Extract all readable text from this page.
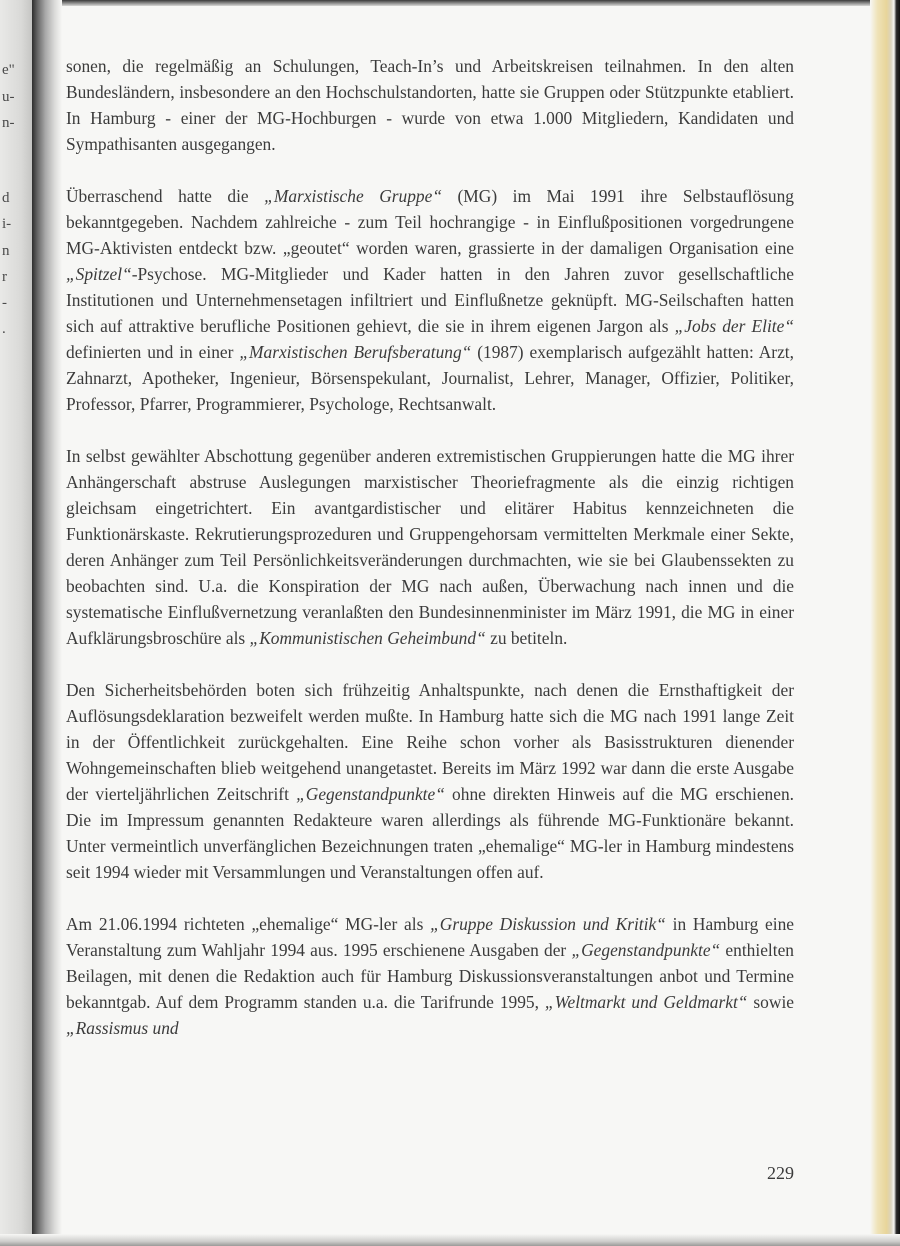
e"
u-
n-
d
i-
n
r
-
.

sonen, die regelmäßig an Schulungen, Teach-In’s und Arbeitskreisen teilnahmen. In den alten Bundesländern, insbesondere an den Hochschulstandorten, hatte sie Gruppen oder Stützpunkte etabliert. In Hamburg - einer der MG-Hochburgen - wurde von etwa 1.000 Mitgliedern, Kandidaten und Sympathisanten ausgegangen.

Überraschend hatte die „Marxistische Gruppe“ (MG) im Mai 1991 ihre Selbstauflösung bekanntgegeben. Nachdem zahlreiche - zum Teil hochrangige - in Einflußpositionen vorgedrungene MG-Aktivisten entdeckt bzw. „geoutet“ worden waren, grassierte in der damaligen Organisation eine „Spitzel“-Psychose. MG-Mitglieder und Kader hatten in den Jahren zuvor gesellschaftliche Institutionen und Unternehmensetagen infiltriert und Einflußnetze geknüpft. MG-Seilschaften hatten sich auf attraktive berufliche Positionen gehievt, die sie in ihrem eigenen Jargon als „Jobs der Elite“ definierten und in einer „Marxistischen Berufsberatung“ (1987) exemplarisch aufgezählt hatten: Arzt, Zahnarzt, Apotheker, Ingenieur, Börsenspekulant, Journalist, Lehrer, Manager, Offizier, Politiker, Professor, Pfarrer, Programmierer, Psychologe, Rechtsanwalt.

In selbst gewählter Abschottung gegenüber anderen extremistischen Gruppierungen hatte die MG ihrer Anhängerschaft abstruse Auslegungen marxistischer Theoriefragmente als die einzig richtigen gleichsam eingetrichtert. Ein avantgardistischer und elitärer Habitus kennzeichneten die Funktionärskaste. Rekrutierungsprozeduren und Gruppengehorsam vermittelten Merkmale einer Sekte, deren Anhänger zum Teil Persönlichkeitsveränderungen durchmachten, wie sie bei Glaubenssekten zu beobachten sind. U.a. die Konspiration der MG nach außen, Überwachung nach innen und die systematische Einflußvernetzung veranlaßten den Bundesinnenminister im März 1991, die MG in einer Aufklärungsbroschüre als „Kommunistischen Geheimbund“ zu betiteln.

Den Sicherheitsbehörden boten sich frühzeitig Anhaltspunkte, nach denen die Ernsthaftigkeit der Auflösungsdeklaration bezweifelt werden mußte. In Hamburg hatte sich die MG nach 1991 lange Zeit in der Öffentlichkeit zurückgehalten. Eine Reihe schon vorher als Basisstrukturen dienender Wohngemeinschaften blieb weitgehend unangetastet. Bereits im März 1992 war dann die erste Ausgabe der vierteljährlichen Zeitschrift „Gegenstandpunkte“ ohne direkten Hinweis auf die MG erschienen. Die im Impressum genannten Redakteure waren allerdings als führende MG-Funktionäre bekannt. Unter vermeintlich unverfänglichen Bezeichnungen traten „ehemalige“ MG-ler in Hamburg mindestens seit 1994 wieder mit Versammlungen und Veranstaltungen offen auf.

Am 21.06.1994 richteten „ehemalige“ MG-ler als „Gruppe Diskussion und Kritik“ in Hamburg eine Veranstaltung zum Wahljahr 1994 aus. 1995 erschienene Ausgaben der „Gegenstandpunkte“ enthielten Beilagen, mit denen die Redaktion auch für Hamburg Diskussionsveranstaltungen anbot und Termine bekanntgab. Auf dem Programm standen u.a. die Tarifrunde 1995, „Weltmarkt und Geldmarkt“ sowie „Rassismus und

229
